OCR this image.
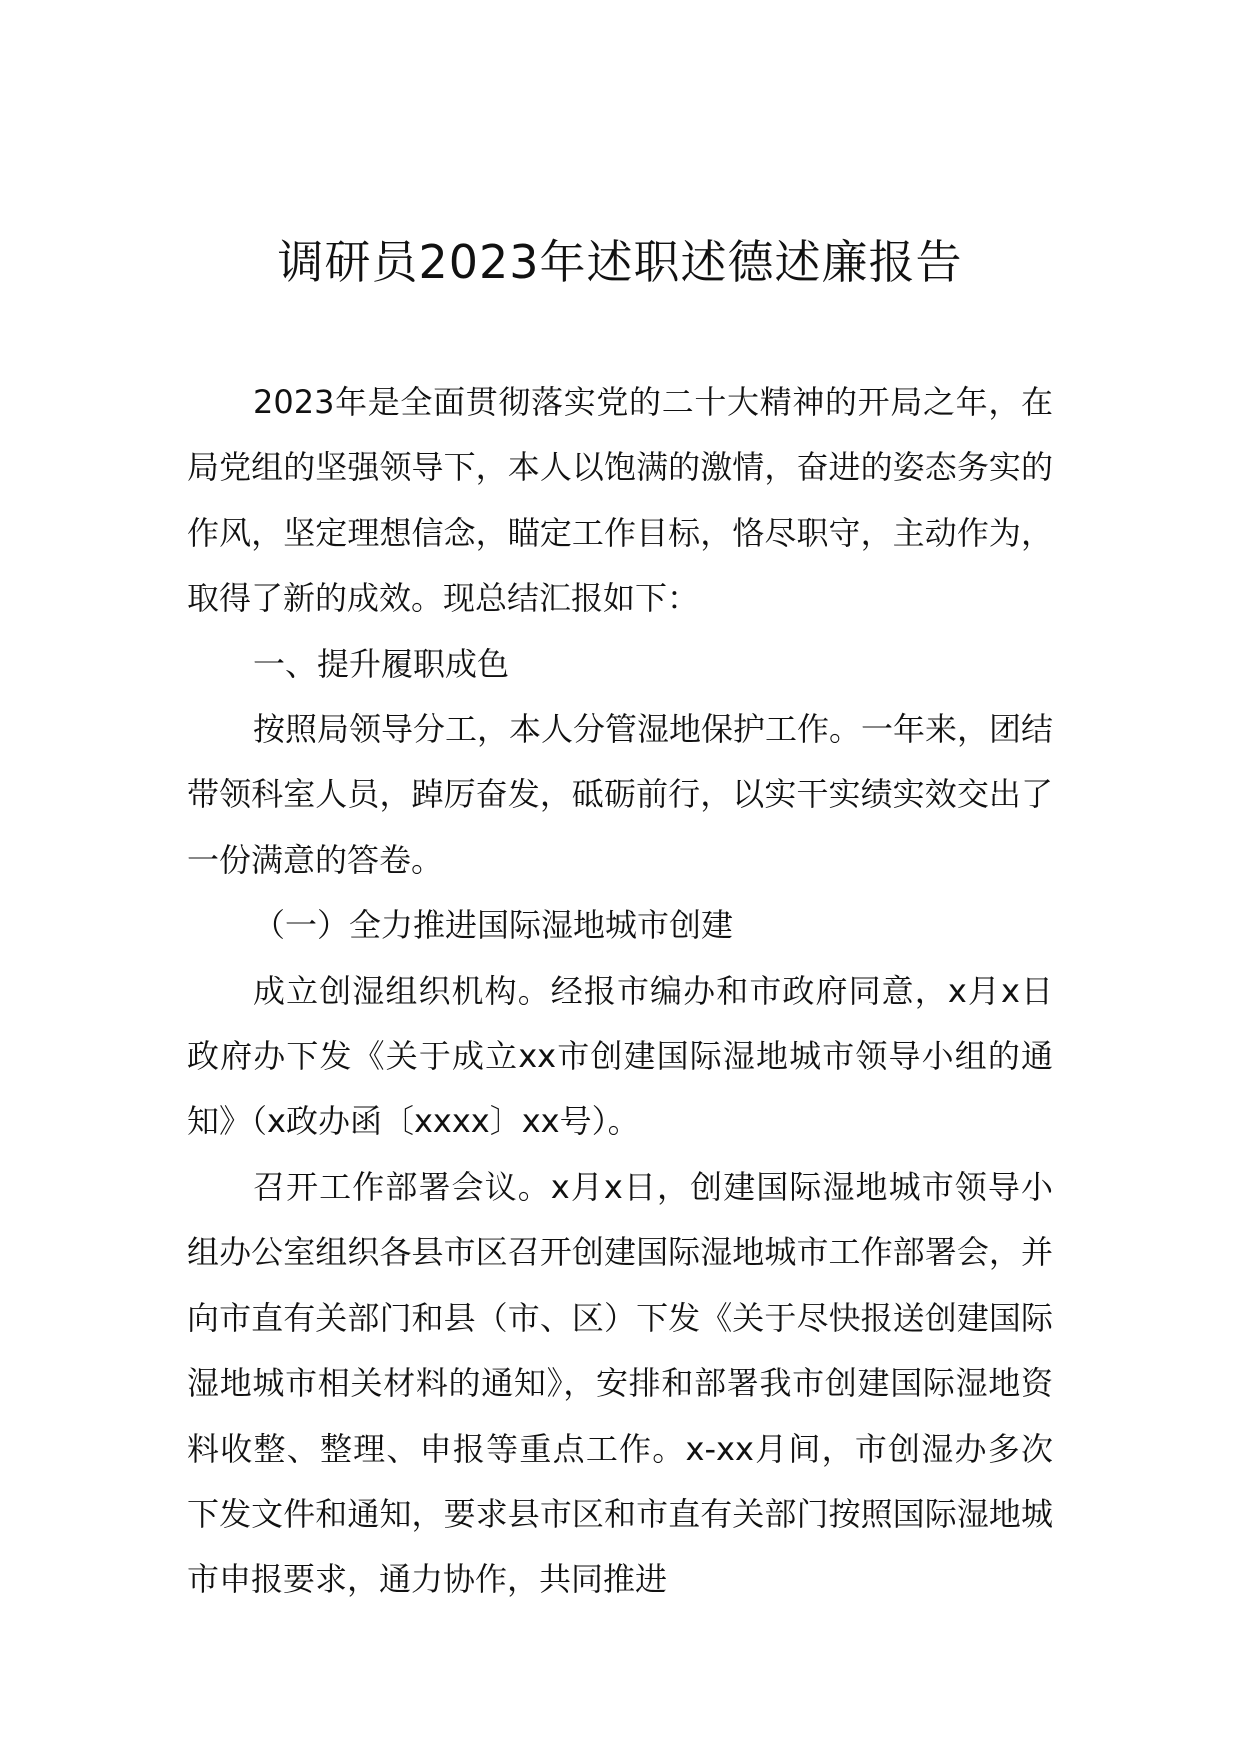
调研员2023年述职述德述廉报告

2023年是全面贯彻落实党的二十大精神的开局之年，在局党组的坚强领导下，本人以饱满的激情，奋进的姿态务实的作风，坚定理想信念，瞄定工作目标，恪尽职守，主动作为，取得了新的成效。现总结汇报如下：

一、提升履职成色

按照局领导分工，本人分管湿地保护工作。一年来，团结带领科室人员，踔厉奋发，砥砺前行，以实干实绩实效交出了一份满意的答卷。

（一）全力推进国际湿地城市创建

成立创湿组织机构。经报市编办和市政府同意，x月x日政府办下发《关于成立xx市创建国际湿地城市领导小组的通知》（x政办函〔xxxx〕xx号）。

召开工作部署会议。x月x日，创建国际湿地城市领导小组办公室组织各县市区召开创建国际湿地城市工作部署会，并向市直有关部门和县（市、区）下发《关于尽快报送创建国际湿地城市相关材料的通知》，安排和部署我市创建国际湿地资料收整、整理、申报等重点工作。x-xx月间，市创湿办多次下发文件和通知，要求县市区和市直有关部门按照国际湿地城市申报要求，通力协作，共同推进
